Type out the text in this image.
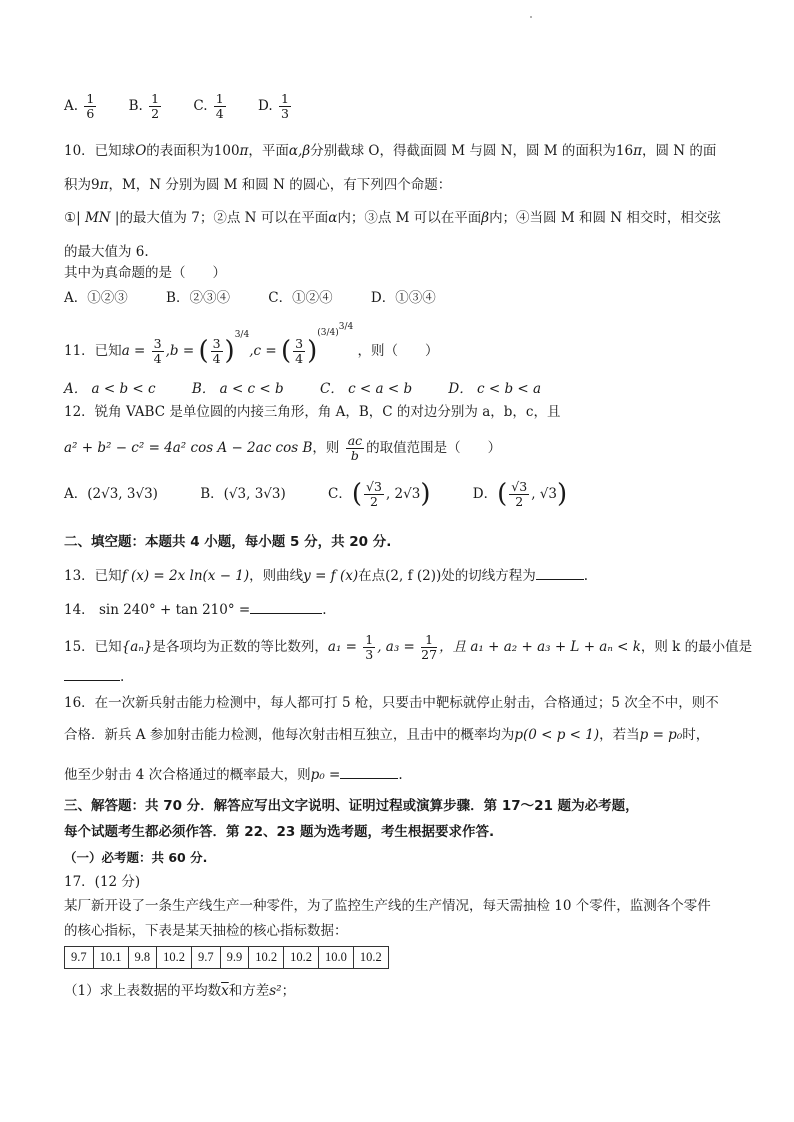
A. $\frac{1}{6} B$. $\frac{1}{2} C$. $\frac{1}{4} D$. $\frac{1}{3}$
10．已知球O的表面积为100π，平面α,β分别截球 O，得截面圆 M 与圆 N，圆 M 的面积为16π，圆 N 的面
积为9π，M，N 分别为圆 M 和圆 N 的圆心，有下列四个命题：
①| MN |的最大值为 7；②点 N 可以在平面α内；③点 M 可以在平面β内；④当圆 M 和圆 N 相交时，相交弦
的最大值为 6.
其中为真命题的是（　　）
A．①②③	B．②③④	C．①②④	D．①③④
11．已知$a = \frac{3}{4} ,b$ = ( $\frac{3}{4} )^{3/4},c$ = ( $\frac{3}{4} )^{(3/4)3/4}$ ，则（　　）
A． a < b < c	B． a < c < b	C． c < a < b	D． c < b < a
12．锐角 VABC 是单位圆的内接三角形，角 A，B，C 的对边分别为 a，b，c，且
a² + b² − c² = 4a² cos A − 2ac cos B，则 $\frac{ac}{b}$ 的取值范围是（　　）
A．(2√3, 3√3)	B．(√3, 3√3)	C．( $\frac{√3}{2}$ , 2√3)	D．( $\frac{√3}{2}$ , √3)
二、填空题：本题共 4 小题，每小题 5 分，共 20 分.
13．已知f (x) = 2x ln(x − 1)，则曲线y = f (x)在点(2, f (2))处的切线方程为	.
14． sin 240° + tan 210° =	.
15．已知{aₙ}是各项均为正数的等比数列，$a_1 = \frac{1}{3}$ , $a_3 = \frac{1}{27}$ ，且 a₁ + a₂ + a₃ + L + aₙ < k，则 k 的最小值是
.
16．在一次新兵射击能力检测中，每人都可打 5 枪，只要击中靶标就停止射击，合格通过；5 次全不中，则不
合格．新兵 A 参加射击能力检测，他每次射击相互独立，且击中的概率均为p(0 < p < 1)，若当p = p₀时，
他至少射击 4 次合格通过的概率最大，则p₀ =	.
三、解答题：共 70 分．解答应写出文字说明、证明过程或演算步骤．第 17～21 题为必考题，
每个试题考生都必须作答．第 22、23 题为选考题，考生根据要求作答.
（一）必考题：共 60 分.
17．(12 分)
某厂新开设了一条生产线生产一种零件，为了监控生产线的生产情况，每天需抽检 10 个零件，监测各个零件
的核心指标，下表是某天抽检的核心指标数据：
9.7	10.1	9.8	10.2	9.7	9.9	10.2	10.2	10.0	10.2
（1）求上表数据的平均数$\overline{x}$和方差s²；
